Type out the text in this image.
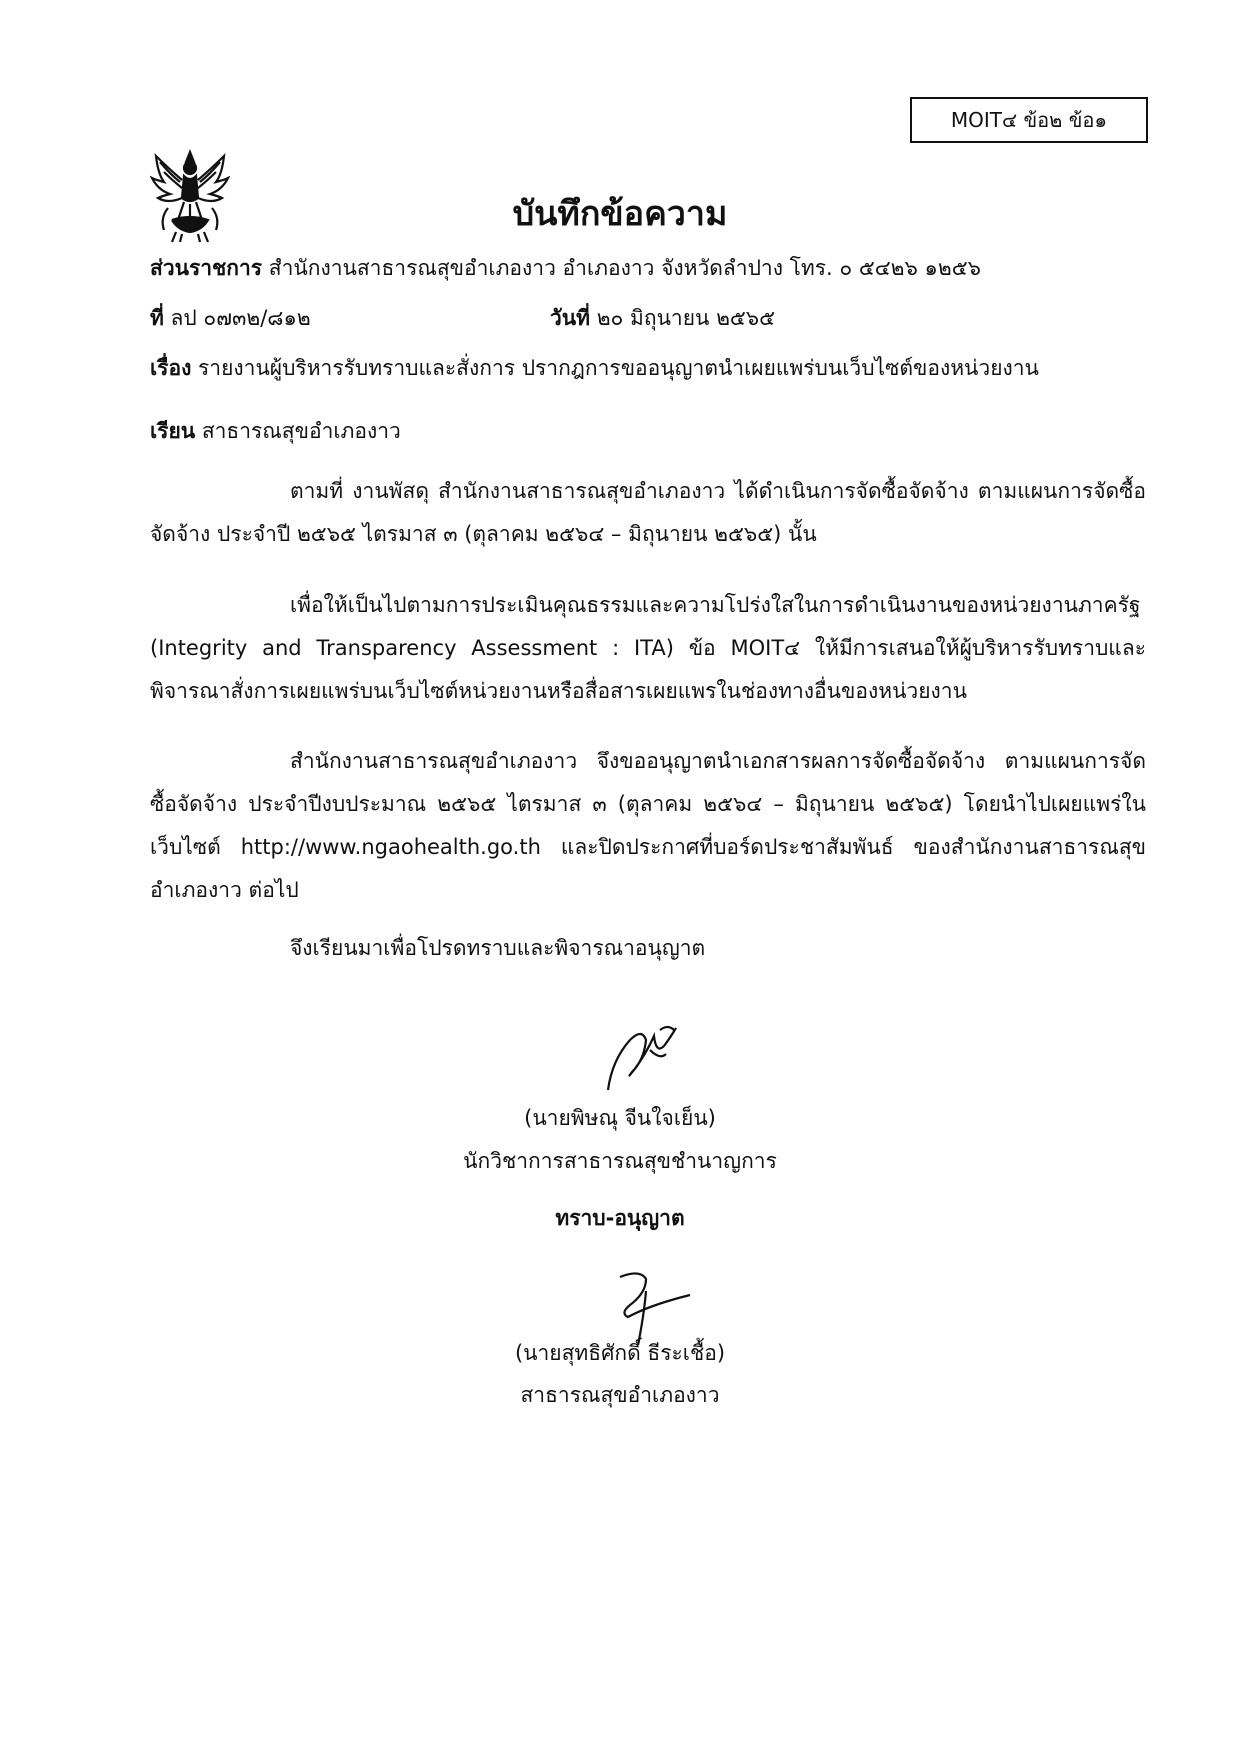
MOIT๔ ข้อ๒ ข้อ๑
บันทึกข้อความ
ส่วนราชการ สำนักงานสาธารณสุขอำเภองาว อำเภองาว จังหวัดลำปาง โทร. ๐ ๕๔๒๖ ๑๒๕๖
ที่ ลป ๐๗๓๒/๘๑๒	วันที่ ๒๐ มิถุนายน ๒๕๖๕
เรื่อง รายงานผู้บริหารรับทราบและสั่งการ ปรากฎการขออนุญาตนำเผยแพร่บนเว็บไซต์ของหน่วยงาน
เรียน สาธารณสุขอำเภองาว
ตามที่ งานพัสดุ สำนักงานสาธารณสุขอำเภองาว ได้ดำเนินการจัดซื้อจัดจ้าง ตามแผนการจัดซื้อจัดจ้าง ประจำปี ๒๕๖๕ ไตรมาส ๓ (ตุลาคม ๒๕๖๔ – มิถุนายน ๒๕๖๕) นั้น
เพื่อให้เป็นไปตามการประเมินคุณธรรมและความโปร่งใสในการดำเนินงานของหน่วยงานภาครัฐ (Integrity and Transparency Assessment : ITA) ข้อ MOIT๔ ให้มีการเสนอให้ผู้บริหารรับทราบและพิจารณาสั่งการเผยแพร่บนเว็บไซต์หน่วยงานหรือสื่อสารเผยแพรในช่องทางอื่นของหน่วยงาน
สำนักงานสาธารณสุขอำเภองาว จึงขออนุญาตนำเอกสารผลการจัดซื้อจัดจ้าง ตามแผนการจัดซื้อจัดจ้าง ประจำปีงบประมาณ ๒๕๖๕ ไตรมาส ๓ (ตุลาคม ๒๕๖๔ – มิถุนายน ๒๕๖๕) โดยนำไปเผยแพร่ในเว็บไซต์ http://www.ngaohealth.go.th และปิดประกาศที่บอร์ดประชาสัมพันธ์ ของสำนักงานสาธารณสุขอำเภองาว ต่อไป
จึงเรียนมาเพื่อโปรดทราบและพิจารณาอนุญาต
(นายพิษณุ จีนใจเย็น)
นักวิชาการสาธารณสุขชำนาญการ
ทราบ-อนุญาต
(นายสุทธิศักดิ์ ธีระเชื้อ)
สาธารณสุขอำเภองาว
